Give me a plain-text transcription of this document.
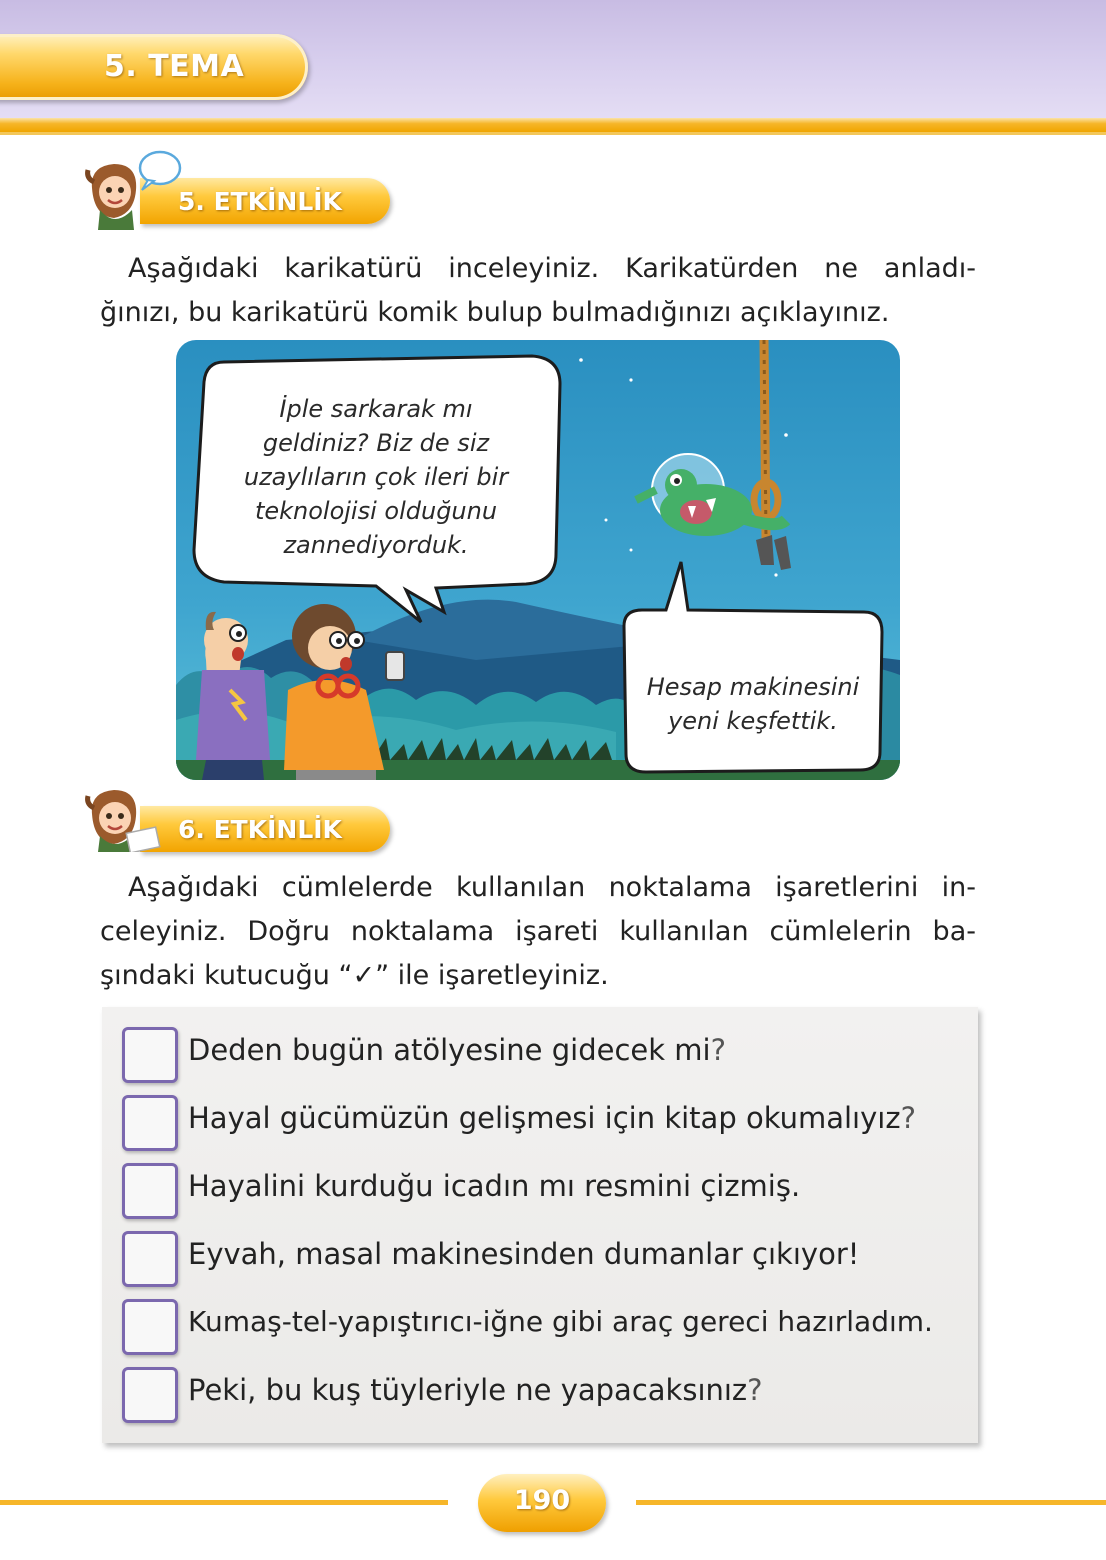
5. TEMA
5. ETKİNLİK
Aşağıdaki karikatürü inceleyiniz. Karikatürden ne anladı-
ğınızı, bu karikatürü komik bulup bulmadığınızı açıklayınız.
İple sarkarak mı
geldiniz? Biz de siz
uzaylıların çok ileri bir
teknolojisi olduğunu
zannediyorduk.
Hesap makinesini
yeni keşfettik.
6. ETKİNLİK
Aşağıdaki cümlelerde kullanılan noktalama işaretlerini in-
celeyiniz. Doğru noktalama işareti kullanılan cümlelerin ba-
şındaki kutucuğu “✓” ile işaretleyiniz.
Deden bugün atölyesine gidecek mi?
Hayal gücümüzün gelişmesi için kitap okumalıyız?
Hayalini kurduğu icadın mı resmini çizmiş.
Eyvah, masal makinesinden dumanlar çıkıyor!
Kumaş-tel-yapıştırıcı-iğne gibi araç gereci hazırladım.
Peki, bu kuş tüyleriyle ne yapacaksınız?
190
